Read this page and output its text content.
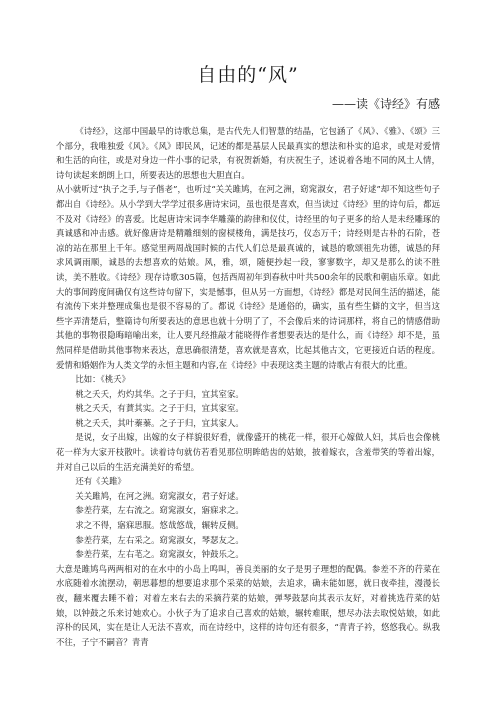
自由的“风”

——读《诗经》有感

《诗经》，这部中国最早的诗歌总集，是古代先人们智慧的结晶，它包涵了《风》、《雅》、《颂》三个部分，我唯独爱《风》。《风》即民风，记述的都是基层人民最真实的想法和朴实的追求，或是对爱情和生活的向往，或是对身边一件小事的记录，有祝贺新婚，有庆祝生子，述说着各地不同的风土人情，诗句读起来朗朗上口，所要表达的思想也大胆直白。

从小就听过“执子之手,与子偕老”，也听过“关关雎鸠，在河之洲，窈窕淑女，君子好逑”却不知这些句子都出自《诗经》。从小学到大学学过很多唐诗宋词，虽也很是喜欢，但当读过《诗经》里的诗句后，都远不及对《诗经》的喜爱。比起唐诗宋词李华雕藻的韵律和仪仗，诗经里的句子更多的给人是未经雕琢的真诚感和冲击感。就好像唐诗是精雕细刻的窗棂楼角，满是技巧，仪态万千；诗经则是古朴的石阶，苍凉的站在那里上千年。感觉里两周战国时候的古代人们总是最真诚的，诚恳的歌颂祖先功德，诚恳的拜求风调雨顺，诚恳的去想喜欢的姑娘。风，雅，颂，随便抄起一段，寥寥数字，却又是那么的读不胜读，美不胜收。《诗经》现存诗歌305篇，包括西周初年到春秋中叶共500余年的民歌和朝庙乐章。如此大的事间跨度间确仅有这些诗句留下，实是憾事，但从另一方面想，《诗经》都是对民间生活的描述，能有流传下来并整理成集也是很不容易的了。都说《诗经》是通俗的，确实，虽有些生僻的文字，但当这些字弄清楚后，整篇诗句所要表达的意思也就十分明了了，不会像后来的诗词那样，将自己的情感借助其他的事物很隐晦暗喻出来，让人要凡经推敲才能晓得作者想要表达的是什么，而《诗经》却不是，虽然同样是借助其他事物来表达，意思确很清楚，喜欢就是喜欢，比起其他古文，它更接近白话的程度。爱情和婚姻作为人类文学的永恒主题和内容,在《诗经》中表现这类主题的诗歌占有很大的比重。

比如：《桃夭》

桃之夭夭，灼灼其华。之子于归，宜其室家。

桃之夭夭，有蕡其实。之子于归，宜其家室。

桃之夭夭，其叶蓁蓁。之子于归，宜其家人。

是说，女子出嫁，出嫁的女子样貌很好看，就像盛开的桃花一样，很开心嫁做人妇，其后也会像桃花一样为大家开枝散叶。读着诗句就仿若看见那位明眸皓齿的姑娘，披着嫁衣，含羞带笑的等着出嫁，并对自己以后的生活充满美好的希望。

还有《关雎》

关关雎鸠，在河之洲。窈窕淑女，君子好逑。

参差荇菜，左右流之。窈窕淑女，寤寐求之。

求之不得，寤寐思服。悠哉悠哉，辗转反侧。

参差荇菜，左右采之。窈窕淑女，琴瑟友之。

参差荇菜，左右芼之。窈窕淑女，钟鼓乐之。

大意是雎鸠鸟两两相对的在水中的小岛上鸣叫，善良美丽的女子是男子理想的配偶。参差不齐的荇菜在水底随着水流摆动，朝思暮想的想要追求那个采菜的姑娘，去追求，确未能如愿，就日夜牵挂，漫漫长夜，翻来覆去睡不着；对着左来右去的采摘荇菜的姑娘，弹琴鼓瑟向其表示友好，对着挑选荇菜的姑娘，以钟鼓之乐来讨她欢心。小伙子为了追求自己喜欢的姑娘，辗转难眠，想尽办法去取悦姑娘，如此淳朴的民风，实在是让人无法不喜欢，而在诗经中，这样的诗句还有很多，“青青子衿，悠悠我心。纵我不往，子宁不嗣音？青青
